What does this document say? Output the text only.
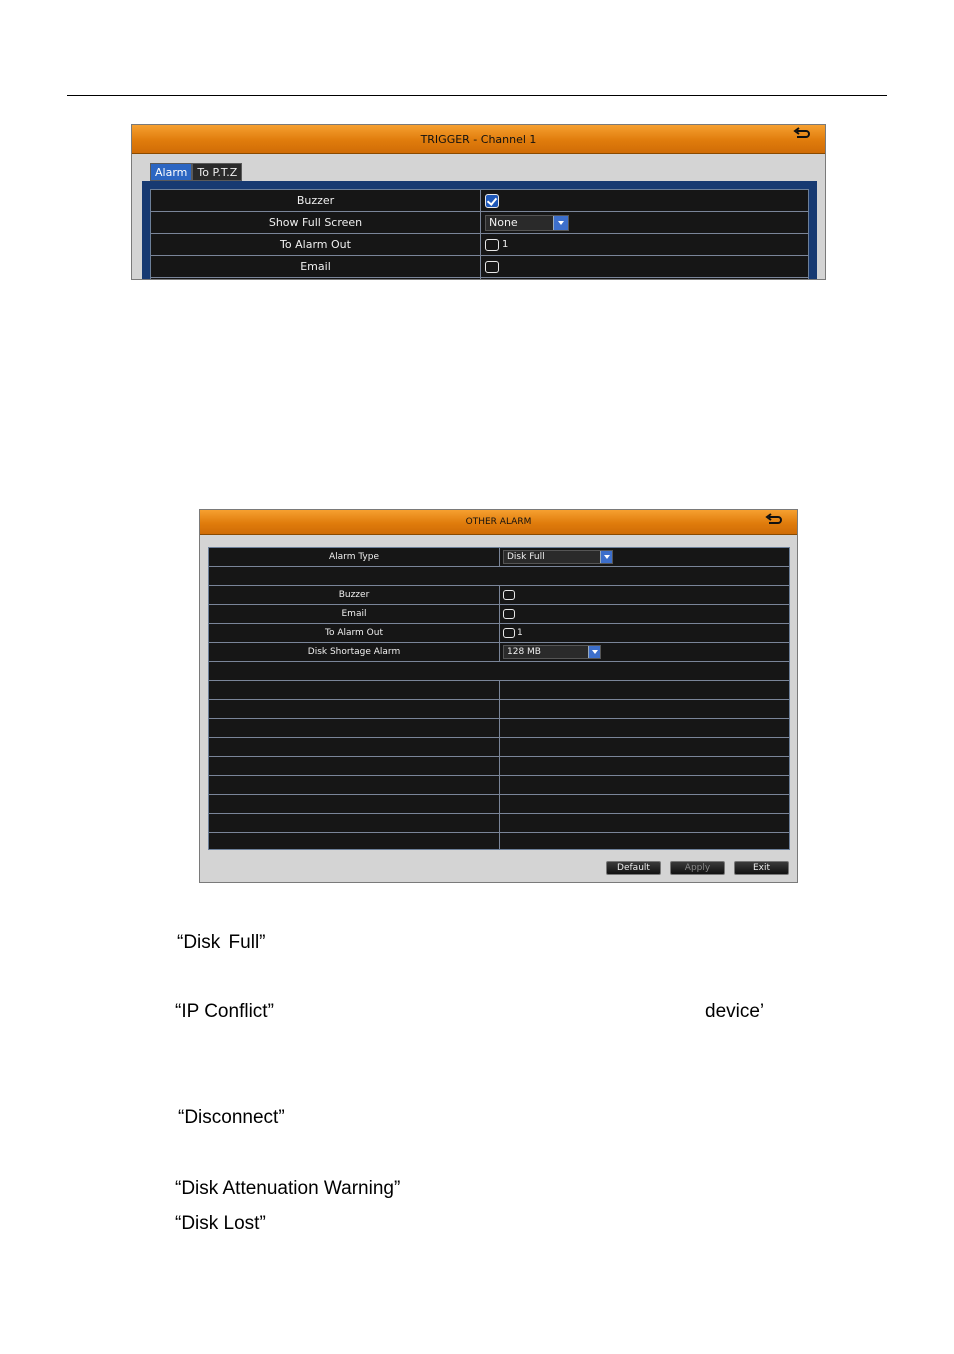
TRIGGER - Channel 1
Alarm To P.T.Z
Buzzer
Show Full Screen	None
To Alarm Out	1
Email
OTHER ALARM
Alarm Type	Disk Full
Buzzer
Email
To Alarm Out	1
Disk Shortage Alarm	128 MB
Default	Apply	Exit
“Disk Full”
“IP Conflict”	device’
“Disconnect”
“Disk Attenuation Warning”
“Disk Lost”
